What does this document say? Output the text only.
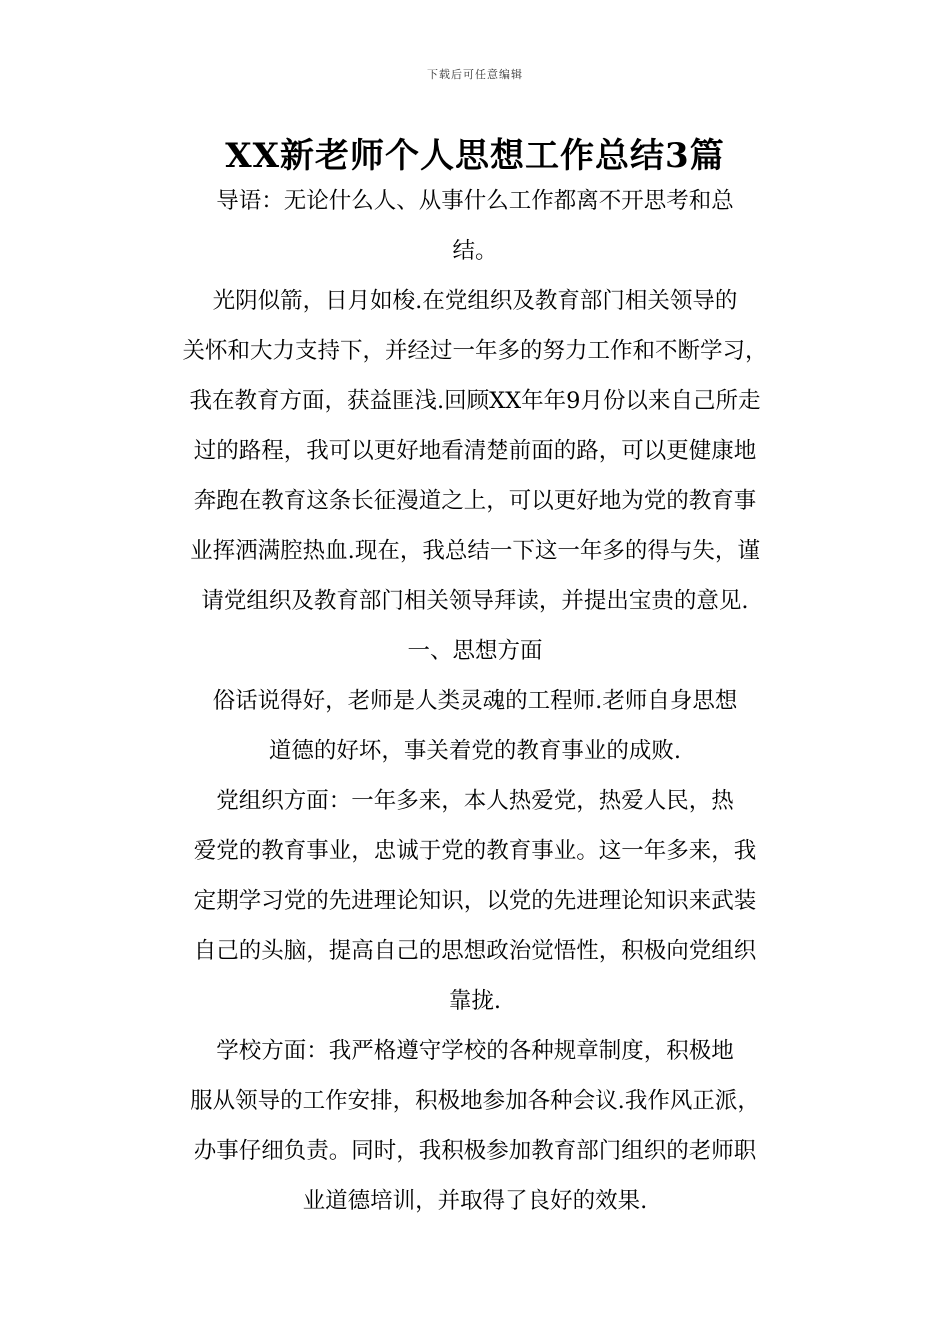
下载后可任意编辑
XX新老师个人思想工作总结3篇
导语：无论什么人、从事什么工作都离不开思考和总
结。
光阴似箭，日月如梭.在党组织及教育部门相关领导的
关怀和大力支持下，并经过一年多的努力工作和不断学习，
我在教育方面，获益匪浅.回顾XX年年9月份以来自己所走
过的路程，我可以更好地看清楚前面的路，可以更健康地
奔跑在教育这条长征漫道之上，可以更好地为党的教育事
业挥洒满腔热血.现在，我总结一下这一年多的得与失，谨
请党组织及教育部门相关领导拜读，并提出宝贵的意见.
一、思想方面
俗话说得好，老师是人类灵魂的工程师.老师自身思想
道德的好坏，事关着党的教育事业的成败.
党组织方面：一年多来，本人热爱党，热爱人民，热
爱党的教育事业，忠诚于党的教育事业。这一年多来，我
定期学习党的先进理论知识，以党的先进理论知识来武装
自己的头脑，提高自己的思想政治觉悟性，积极向党组织
靠拢.
学校方面：我严格遵守学校的各种规章制度，积极地
服从领导的工作安排，积极地参加各种会议.我作风正派，
办事仔细负责。同时，我积极参加教育部门组织的老师职
业道德培训，并取得了良好的效果.
